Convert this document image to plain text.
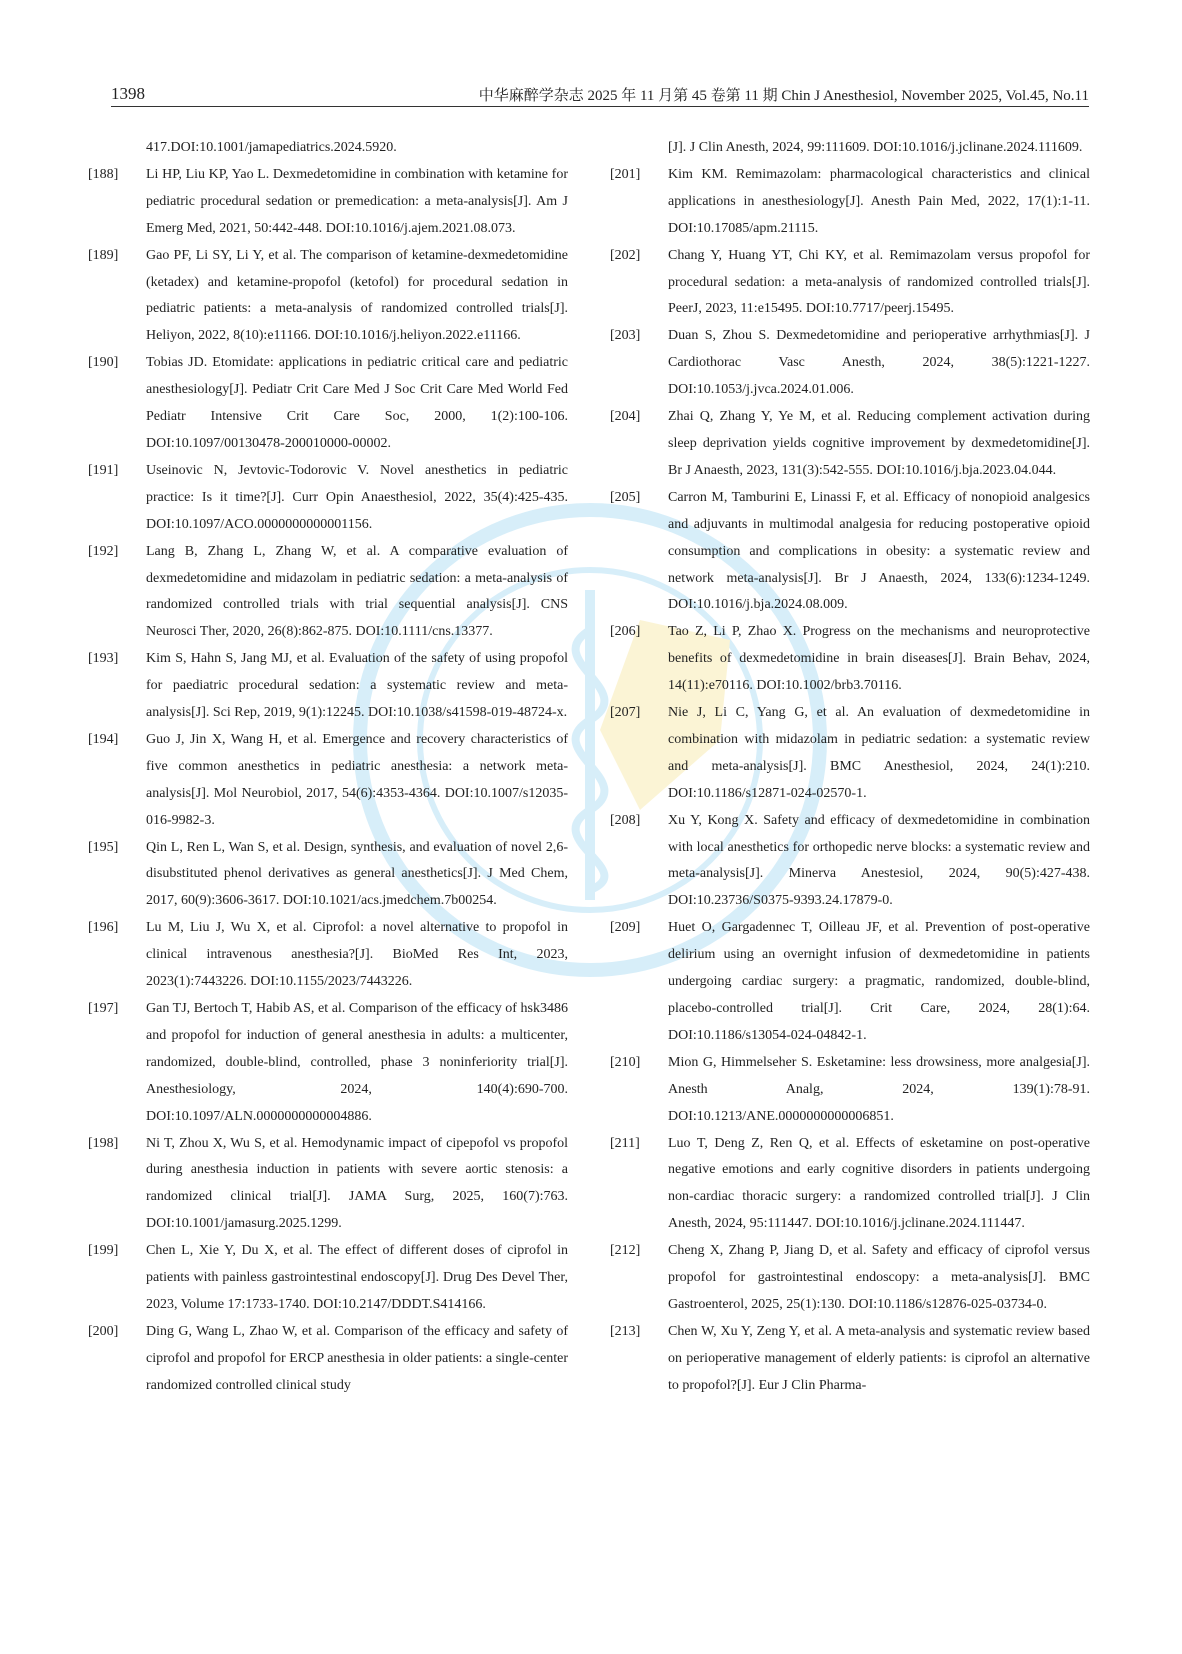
1398	中华麻醉学杂志 2025 年 11 月第 45 卷第 11 期 Chin J Anesthesiol, November 2025, Vol.45, No.11
417.DOI:10.1001/jamapediatrics.2024.5920.
[188]	Li HP, Liu KP, Yao L. Dexmedetomidine in combination with ketamine for pediatric procedural sedation or premedication: a meta-analysis[J]. Am J Emerg Med, 2021, 50:442-448. DOI:10.1016/j.ajem.2021.08.073.
[189]	Gao PF, Li SY, Li Y, et al. The comparison of ketamine-dexmedetomidine (ketadex) and ketamine-propofol (ketofol) for procedural sedation in pediatric patients: a meta-analysis of randomized controlled trials[J]. Heliyon, 2022, 8(10):e11166. DOI:10.1016/j.heliyon.2022.e11166.
[190]	Tobias JD. Etomidate: applications in pediatric critical care and pediatric anesthesiology[J]. Pediatr Crit Care Med J Soc Crit Care Med World Fed Pediatr Intensive Crit Care Soc, 2000, 1(2):100-106. DOI:10.1097/00130478-200010000-00002.
[191]	Useinovic N, Jevtovic-Todorovic V. Novel anesthetics in pediatric practice: Is it time?[J]. Curr Opin Anaesthesiol, 2022, 35(4):425-435. DOI:10.1097/ACO.0000000000001156.
[192]	Lang B, Zhang L, Zhang W, et al. A comparative evaluation of dexmedetomidine and midazolam in pediatric sedation: a meta-analysis of randomized controlled trials with trial sequential analysis[J]. CNS Neurosci Ther, 2020, 26(8):862-875. DOI:10.1111/cns.13377.
[193]	Kim S, Hahn S, Jang MJ, et al. Evaluation of the safety of using propofol for paediatric procedural sedation: a systematic review and meta-analysis[J]. Sci Rep, 2019, 9(1):12245. DOI:10.1038/s41598-019-48724-x.
[194]	Guo J, Jin X, Wang H, et al. Emergence and recovery characteristics of five common anesthetics in pediatric anesthesia: a network meta-analysis[J]. Mol Neurobiol, 2017, 54(6):4353-4364. DOI:10.1007/s12035-016-9982-3.
[195]	Qin L, Ren L, Wan S, et al. Design, synthesis, and evaluation of novel 2,6-disubstituted phenol derivatives as general anesthetics[J]. J Med Chem, 2017, 60(9):3606-3617. DOI:10.1021/acs.jmedchem.7b00254.
[196]	Lu M, Liu J, Wu X, et al. Ciprofol: a novel alternative to propofol in clinical intravenous anesthesia?[J]. BioMed Res Int, 2023, 2023(1):7443226. DOI:10.1155/2023/7443226.
[197]	Gan TJ, Bertoch T, Habib AS, et al. Comparison of the efficacy of hsk3486 and propofol for induction of general anesthesia in adults: a multicenter, randomized, double-blind, controlled, phase 3 noninferiority trial[J]. Anesthesiology, 2024, 140(4):690-700. DOI:10.1097/ALN.0000000000004886.
[198]	Ni T, Zhou X, Wu S, et al. Hemodynamic impact of cipepofol vs propofol during anesthesia induction in patients with severe aortic stenosis: a randomized clinical trial[J]. JAMA Surg, 2025, 160(7):763. DOI:10.1001/jamasurg.2025.1299.
[199]	Chen L, Xie Y, Du X, et al. The effect of different doses of ciprofol in patients with painless gastrointestinal endoscopy[J]. Drug Des Devel Ther, 2023, Volume 17:1733-1740. DOI:10.2147/DDDT.S414166.
[200]	Ding G, Wang L, Zhao W, et al. Comparison of the efficacy and safety of ciprofol and propofol for ERCP anesthesia in older patients: a single-center randomized controlled clinical study
[J]. J Clin Anesth, 2024, 99:111609. DOI:10.1016/j.jclinane.2024.111609.
[201]	Kim KM. Remimazolam: pharmacological characteristics and clinical applications in anesthesiology[J]. Anesth Pain Med, 2022, 17(1):1-11. DOI:10.17085/apm.21115.
[202]	Chang Y, Huang YT, Chi KY, et al. Remimazolam versus propofol for procedural sedation: a meta-analysis of randomized controlled trials[J]. PeerJ, 2023, 11:e15495. DOI:10.7717/peerj.15495.
[203]	Duan S, Zhou S. Dexmedetomidine and perioperative arrhythmias[J]. J Cardiothorac Vasc Anesth, 2024, 38(5):1221-1227. DOI:10.1053/j.jvca.2024.01.006.
[204]	Zhai Q, Zhang Y, Ye M, et al. Reducing complement activation during sleep deprivation yields cognitive improvement by dexmedetomidine[J]. Br J Anaesth, 2023, 131(3):542-555. DOI:10.1016/j.bja.2023.04.044.
[205]	Carron M, Tamburini E, Linassi F, et al. Efficacy of nonopioid analgesics and adjuvants in multimodal analgesia for reducing postoperative opioid consumption and complications in obesity: a systematic review and network meta-analysis[J]. Br J Anaesth, 2024, 133(6):1234-1249. DOI:10.1016/j.bja.2024.08.009.
[206]	Tao Z, Li P, Zhao X. Progress on the mechanisms and neuroprotective benefits of dexmedetomidine in brain diseases[J]. Brain Behav, 2024, 14(11):e70116. DOI:10.1002/brb3.70116.
[207]	Nie J, Li C, Yang G, et al. An evaluation of dexmedetomidine in combination with midazolam in pediatric sedation: a systematic review and meta-analysis[J]. BMC Anesthesiol, 2024, 24(1):210. DOI:10.1186/s12871-024-02570-1.
[208]	Xu Y, Kong X. Safety and efficacy of dexmedetomidine in combination with local anesthetics for orthopedic nerve blocks: a systematic review and meta-analysis[J]. Minerva Anestesiol, 2024, 90(5):427-438. DOI:10.23736/S0375-9393.24.17879-0.
[209]	Huet O, Gargadennec T, Oilleau JF, et al. Prevention of post-operative delirium using an overnight infusion of dexmedetomidine in patients undergoing cardiac surgery: a pragmatic, randomized, double-blind, placebo-controlled trial[J]. Crit Care, 2024, 28(1):64. DOI:10.1186/s13054-024-04842-1.
[210]	Mion G, Himmelseher S. Esketamine: less drowsiness, more analgesia[J]. Anesth Analg, 2024, 139(1):78-91. DOI:10.1213/ANE.0000000000006851.
[211]	Luo T, Deng Z, Ren Q, et al. Effects of esketamine on post-operative negative emotions and early cognitive disorders in patients undergoing non-cardiac thoracic surgery: a randomized controlled trial[J]. J Clin Anesth, 2024, 95:111447. DOI:10.1016/j.jclinane.2024.111447.
[212]	Cheng X, Zhang P, Jiang D, et al. Safety and efficacy of ciprofol versus propofol for gastrointestinal endoscopy: a meta-analysis[J]. BMC Gastroenterol, 2025, 25(1):130. DOI:10.1186/s12876-025-03734-0.
[213]	Chen W, Xu Y, Zeng Y, et al. A meta-analysis and systematic review based on perioperative management of elderly patients: is ciprofol an alternative to propofol?[J]. Eur J Clin Pharma-
